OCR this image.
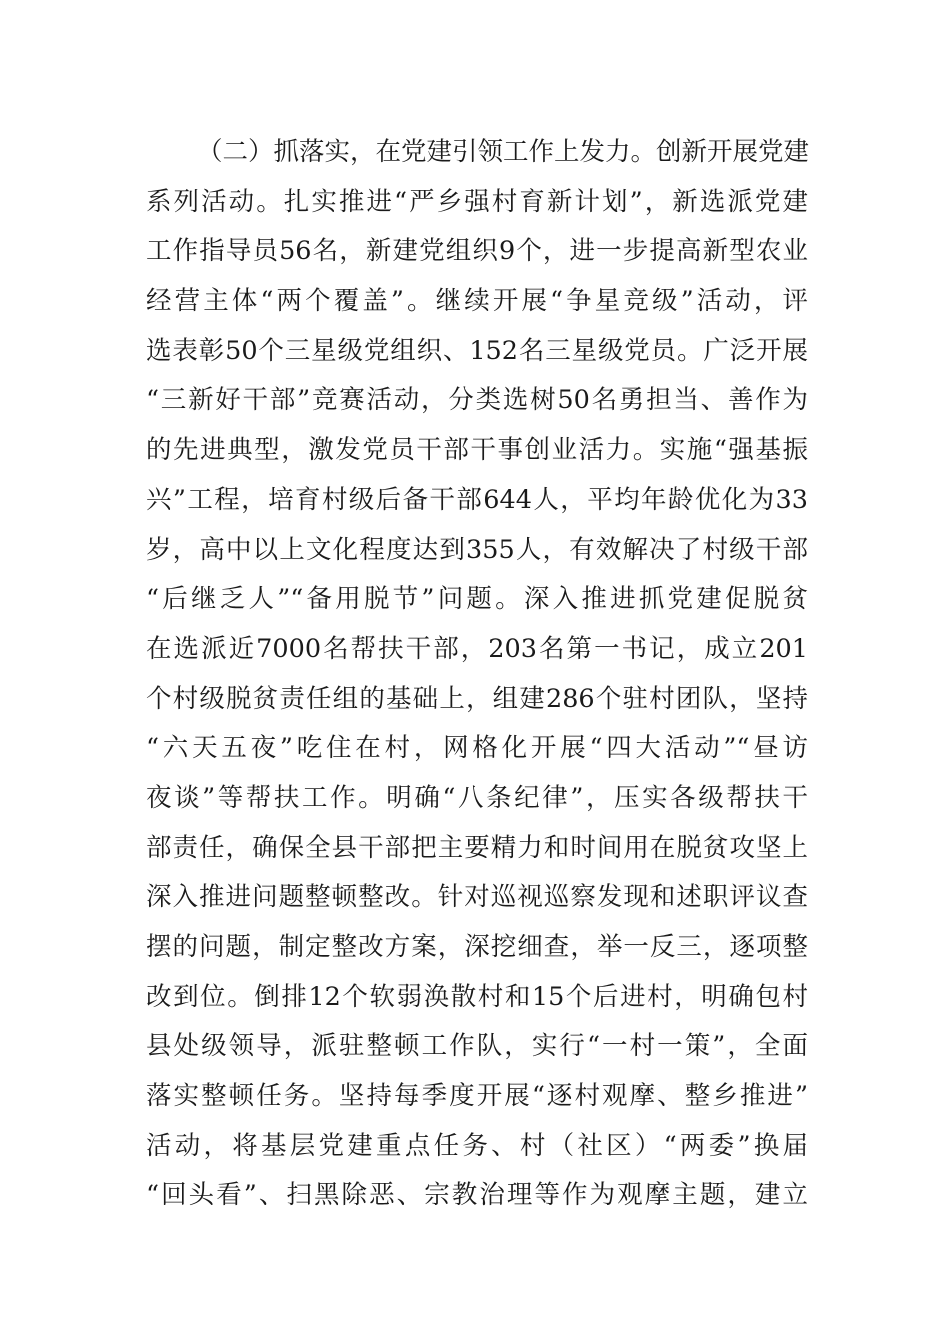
（二）抓落实，在党建引领工作上发力。创新开展党建
系列活动。扎实推进“严乡强村育新计划”，新选派党建
工作指导员56名，新建党组织9个，进一步提高新型农业
经营主体“两个覆盖”。继续开展“争星竞级”活动，评
选表彰50个三星级党组织、152名三星级党员。广泛开展
“三新好干部”竞赛活动，分类选树50名勇担当、善作为
的先进典型，激发党员干部干事创业活力。实施“强基振
兴”工程，培育村级后备干部644人，平均年龄优化为33
岁，高中以上文化程度达到355人，有效解决了村级干部
“后继乏人”“备用脱节”问题。深入推进抓党建促脱贫
在选派近7000名帮扶干部，203名第一书记，成立201
个村级脱贫责任组的基础上，组建286个驻村团队，坚持
“六天五夜”吃住在村，网格化开展“四大活动”“昼访
夜谈”等帮扶工作。明确“八条纪律”，压实各级帮扶干
部责任，确保全县干部把主要精力和时间用在脱贫攻坚上
深入推进问题整顿整改。针对巡视巡察发现和述职评议查
摆的问题，制定整改方案，深挖细查，举一反三，逐项整
改到位。倒排12个软弱涣散村和15个后进村，明确包村
县处级领导，派驻整顿工作队，实行“一村一策”，全面
落实整顿任务。坚持每季度开展“逐村观摩、整乡推进”
活动，将基层党建重点任务、村（社区）“两委”换届
“回头看”、扫黑除恶、宗教治理等作为观摩主题，建立
